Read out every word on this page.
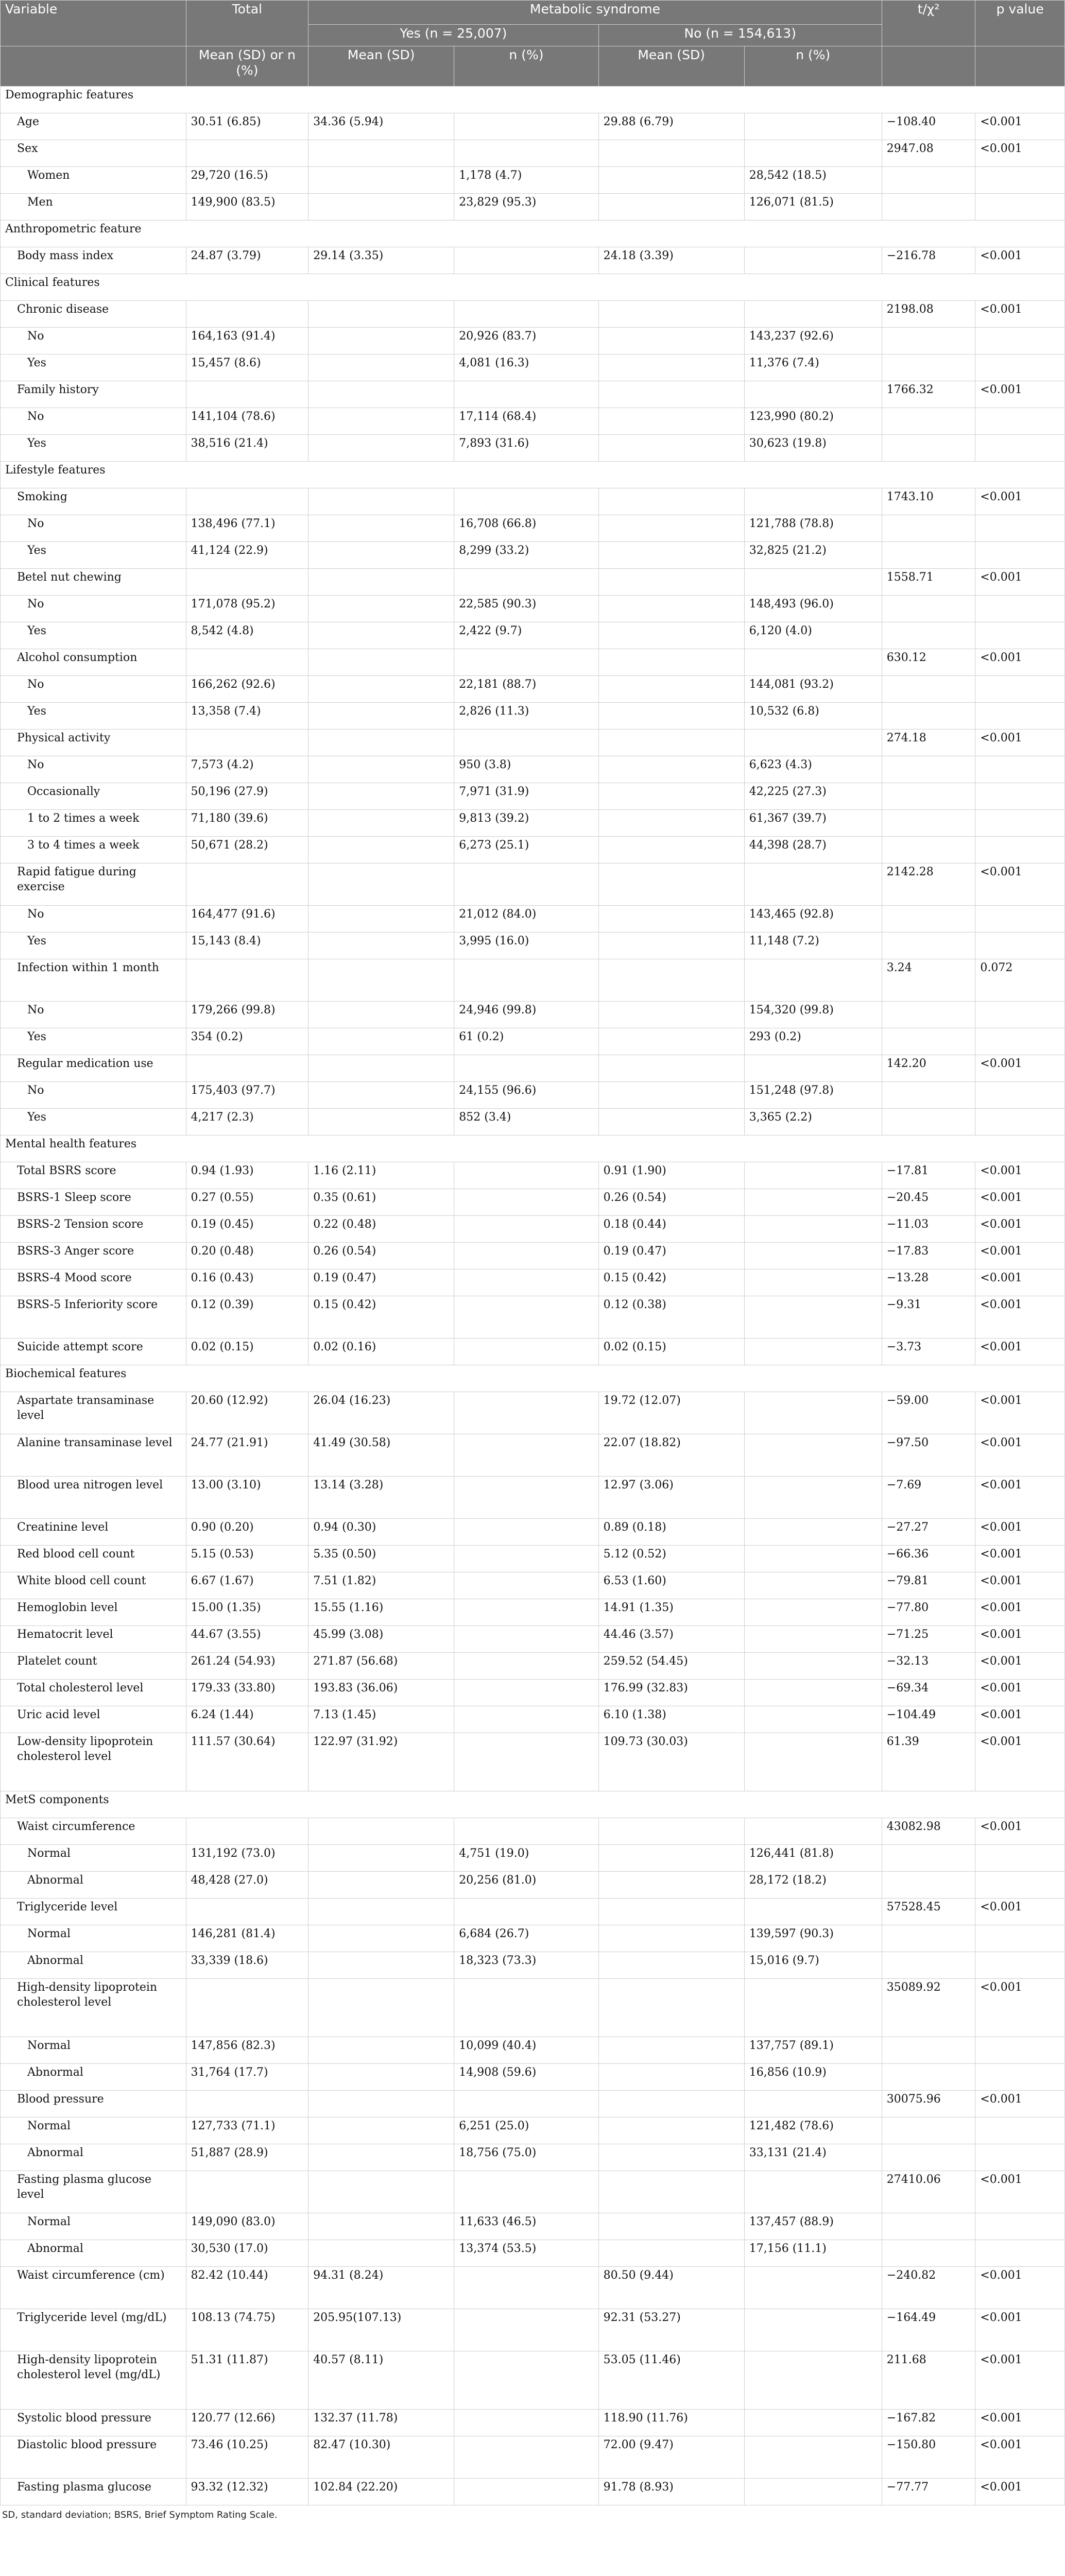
Variable	Total	Metabolic syndrome				t/χ²	p value
		Yes (n = 25,007)		No (n = 154,613)			
	Mean (SD) or n (%)	Mean (SD)	n (%)	Mean (SD)	n (%)		
Demographic features							
Age	30.51 (6.85)	34.36 (5.94)		29.88 (6.79)		−108.40	<0.001
Sex						2947.08	<0.001
Women	29,720 (16.5)		1,178 (4.7)		28,542 (18.5)		
Men	149,900 (83.5)		23,829 (95.3)		126,071 (81.5)		
Anthropometric feature							
Body mass index	24.87 (3.79)	29.14 (3.35)		24.18 (3.39)		−216.78	<0.001
Clinical features							
Chronic disease						2198.08	<0.001
No	164,163 (91.4)		20,926 (83.7)		143,237 (92.6)		
Yes	15,457 (8.6)		4,081 (16.3)		11,376 (7.4)		
Family history						1766.32	<0.001
No	141,104 (78.6)		17,114 (68.4)		123,990 (80.2)		
Yes	38,516 (21.4)		7,893 (31.6)		30,623 (19.8)		
Lifestyle features							
Smoking						1743.10	<0.001
No	138,496 (77.1)		16,708 (66.8)		121,788 (78.8)		
Yes	41,124 (22.9)		8,299 (33.2)		32,825 (21.2)		
Betel nut chewing						1558.71	<0.001
No	171,078 (95.2)		22,585 (90.3)		148,493 (96.0)		
Yes	8,542 (4.8)		2,422 (9.7)		6,120 (4.0)		
Alcohol consumption						630.12	<0.001
No	166,262 (92.6)		22,181 (88.7)		144,081 (93.2)		
Yes	13,358 (7.4)		2,826 (11.3)		10,532 (6.8)		
Physical activity						274.18	<0.001
No	7,573 (4.2)		950 (3.8)		6,623 (4.3)		
Occasionally	50,196 (27.9)		7,971 (31.9)		42,225 (27.3)		
1 to 2 times a week	71,180 (39.6)		9,813 (39.2)		61,367 (39.7)		
3 to 4 times a week	50,671 (28.2)		6,273 (25.1)		44,398 (28.7)		
Rapid fatigue during exercise						2142.28	<0.001
No	164,477 (91.6)		21,012 (84.0)		143,465 (92.8)		
Yes	15,143 (8.4)		3,995 (16.0)		11,148 (7.2)		
Infection within 1 month						3.24	0.072
No	179,266 (99.8)		24,946 (99.8)		154,320 (99.8)		
Yes	354 (0.2)		61 (0.2)		293 (0.2)		
Regular medication use						142.20	<0.001
No	175,403 (97.7)		24,155 (96.6)		151,248 (97.8)		
Yes	4,217 (2.3)		852 (3.4)		3,365 (2.2)		
Mental health features							
Total BSRS score	0.94 (1.93)	1.16 (2.11)		0.91 (1.90)		−17.81	<0.001
BSRS-1 Sleep score	0.27 (0.55)	0.35 (0.61)		0.26 (0.54)		−20.45	<0.001
BSRS-2 Tension score	0.19 (0.45)	0.22 (0.48)		0.18 (0.44)		−11.03	<0.001
BSRS-3 Anger score	0.20 (0.48)	0.26 (0.54)		0.19 (0.47)		−17.83	<0.001
BSRS-4 Mood score	0.16 (0.43)	0.19 (0.47)		0.15 (0.42)		−13.28	<0.001
BSRS-5 Inferiority score	0.12 (0.39)	0.15 (0.42)		0.12 (0.38)		−9.31	<0.001
Suicide attempt score	0.02 (0.15)	0.02 (0.16)		0.02 (0.15)		−3.73	<0.001
Biochemical features							
Aspartate transaminase level	20.60 (12.92)	26.04 (16.23)		19.72 (12.07)		−59.00	<0.001
Alanine transaminase level	24.77 (21.91)	41.49 (30.58)		22.07 (18.82)		−97.50	<0.001
Blood urea nitrogen level	13.00 (3.10)	13.14 (3.28)		12.97 (3.06)		−7.69	<0.001
Creatinine level	0.90 (0.20)	0.94 (0.30)		0.89 (0.18)		−27.27	<0.001
Red blood cell count	5.15 (0.53)	5.35 (0.50)		5.12 (0.52)		−66.36	<0.001
White blood cell count	6.67 (1.67)	7.51 (1.82)		6.53 (1.60)		−79.81	<0.001
Hemoglobin level	15.00 (1.35)	15.55 (1.16)		14.91 (1.35)		−77.80	<0.001
Hematocrit level	44.67 (3.55)	45.99 (3.08)		44.46 (3.57)		−71.25	<0.001
Platelet count	261.24 (54.93)	271.87 (56.68)		259.52 (54.45)		−32.13	<0.001
Total cholesterol level	179.33 (33.80)	193.83 (36.06)		176.99 (32.83)		−69.34	<0.001
Uric acid level	6.24 (1.44)	7.13 (1.45)		6.10 (1.38)		−104.49	<0.001
Low-density lipoprotein cholesterol level	111.57 (30.64)	122.97 (31.92)		109.73 (30.03)		61.39	<0.001
MetS components							
Waist circumference						43082.98	<0.001
Normal	131,192 (73.0)		4,751 (19.0)		126,441 (81.8)		
Abnormal	48,428 (27.0)		20,256 (81.0)		28,172 (18.2)		
Triglyceride level						57528.45	<0.001
Normal	146,281 (81.4)		6,684 (26.7)		139,597 (90.3)		
Abnormal	33,339 (18.6)		18,323 (73.3)		15,016 (9.7)		
High-density lipoprotein cholesterol level						35089.92	<0.001
Normal	147,856 (82.3)		10,099 (40.4)		137,757 (89.1)		
Abnormal	31,764 (17.7)		14,908 (59.6)		16,856 (10.9)		
Blood pressure						30075.96	<0.001
Normal	127,733 (71.1)		6,251 (25.0)		121,482 (78.6)		
Abnormal	51,887 (28.9)		18,756 (75.0)		33,131 (21.4)		
Fasting plasma glucose level						27410.06	<0.001
Normal	149,090 (83.0)		11,633 (46.5)		137,457 (88.9)		
Abnormal	30,530 (17.0)		13,374 (53.5)		17,156 (11.1)		
Waist circumference (cm)	82.42 (10.44)	94.31 (8.24)		80.50 (9.44)		−240.82	<0.001
Triglyceride level (mg/dL)	108.13 (74.75)	205.95(107.13)		92.31 (53.27)		−164.49	<0.001
High-density lipoprotein cholesterol level (mg/dL)	51.31 (11.87)	40.57 (8.11)		53.05 (11.46)		211.68	<0.001
Systolic blood pressure	120.77 (12.66)	132.37 (11.78)		118.90 (11.76)		−167.82	<0.001
Diastolic blood pressure	73.46 (10.25)	82.47 (10.30)		72.00 (9.47)		−150.80	<0.001
Fasting plasma glucose	93.32 (12.32)	102.84 (22.20)		91.78 (8.93)		−77.77	<0.001
SD, standard deviation; BSRS, Brief Symptom Rating Scale.
